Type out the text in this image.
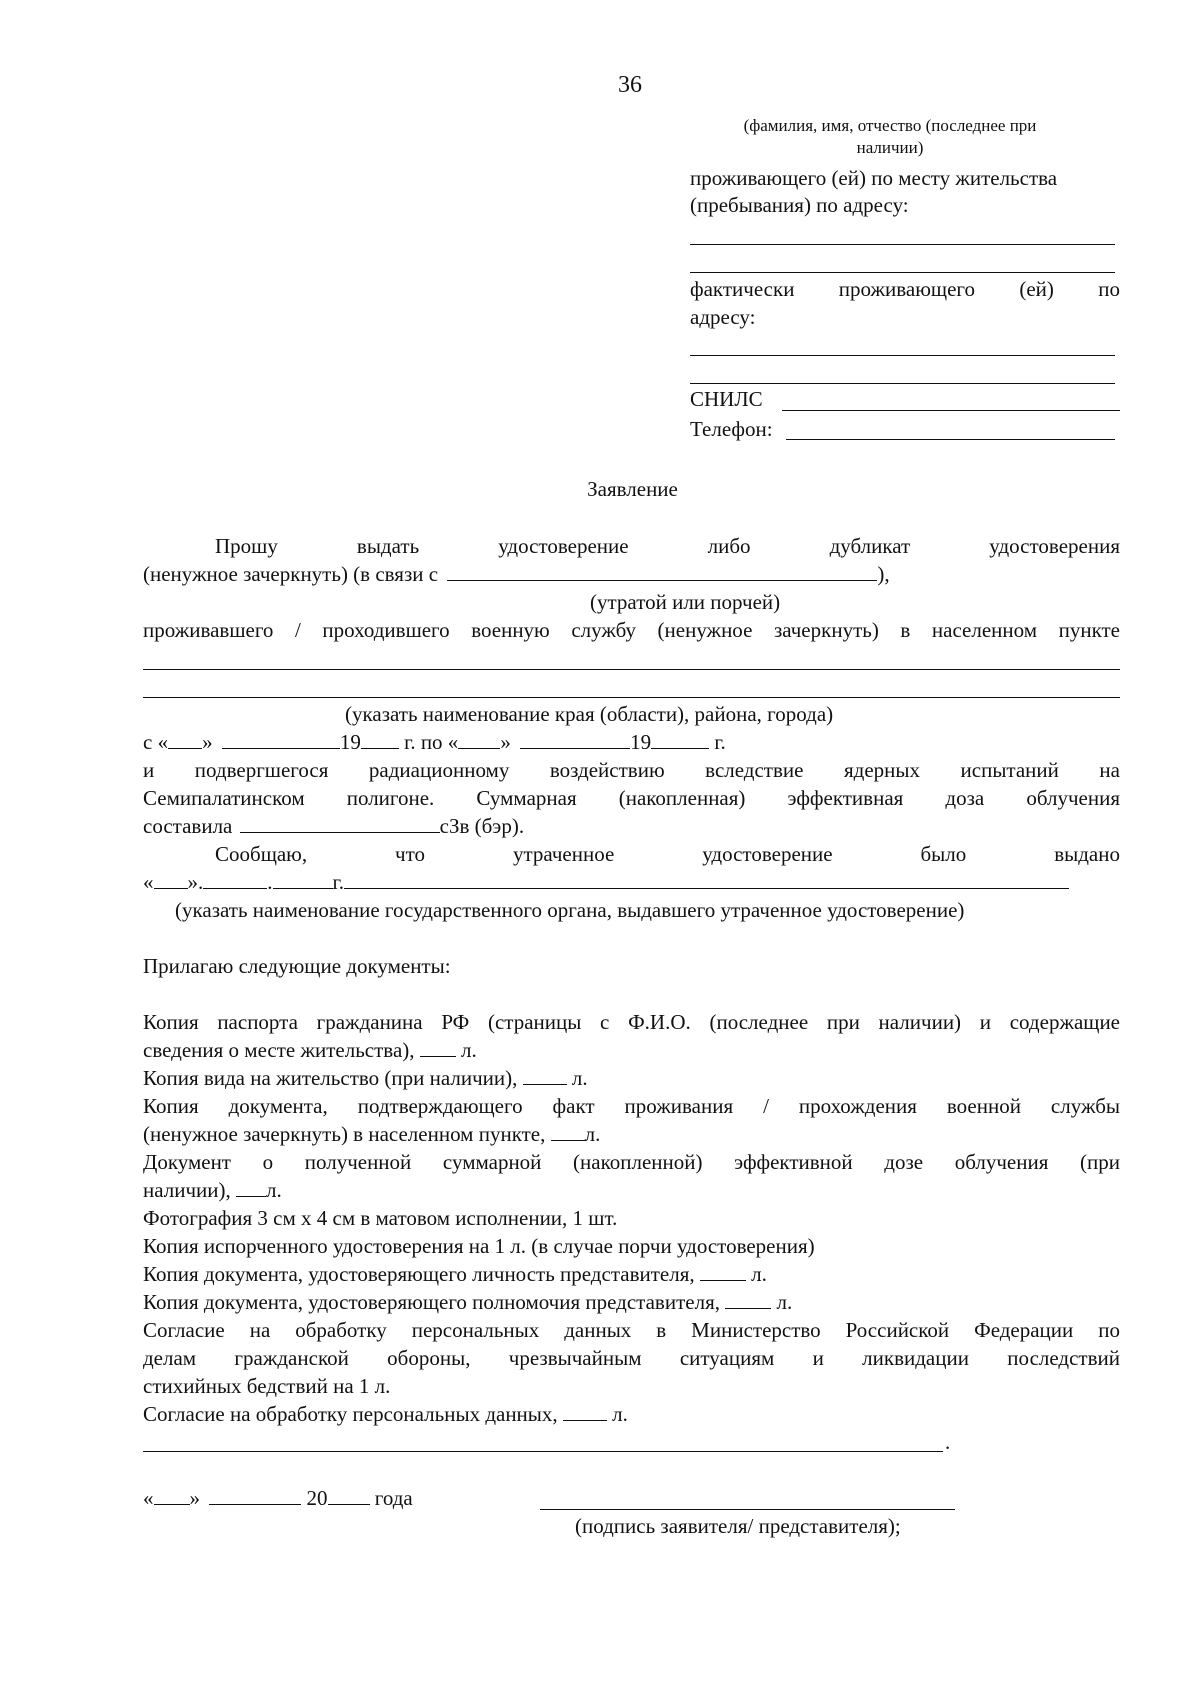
36
(фамилия, имя, отчество (последнее при
наличии)
проживающего (ей) по месту жительства
(пребывания) по адресу:
фактически проживающего (ей) по
адресу:
СНИЛС
Телефон:
Заявление
Прошу	выдать	удостоверение	либо	дубликат	удостоверения
(ненужное зачеркнуть) (в связи с	),
(утратой или порчей)
проживавшего / проходившего военную службу (ненужное зачеркнуть) в населенном пункте
(указать наименование края (области), района, города)
с « »	19 г. по « »	19	г.
и подвергшегося радиационному воздействию вследствие ядерных испытаний на
Семипалатинском полигоне. Суммарная (накопленная) эффективная доза облучения
составила	сЗв (бэр).
Сообщаю,	что	утраченное	удостоверение	было	выдано
« ».	.	г.
(указать наименование государственного органа, выдавшего утраченное удостоверение)
Прилагаю следующие документы:
Копия паспорта гражданина РФ (страницы с Ф.И.О. (последнее при наличии) и содержащие
сведения о месте жительства), л.
Копия вида на жительство (при наличии),	л.
Копия документа, подтверждающего факт проживания / прохождения военной службы
(ненужное зачеркнуть) в населенном пункте, л.
Документ о полученной суммарной (накопленной) эффективной дозе облучения (при
наличии), л.
Фотография 3 см х 4 см в матовом исполнении, 1 шт.
Копия испорченного удостоверения на 1 л. (в случае порчи удостоверения)
Копия документа, удостоверяющего личность представителя,	л.
Копия документа, удостоверяющего полномочия представителя,	л.
Согласие на обработку персональных данных в Министерство Российской Федерации по
делам гражданской обороны, чрезвычайным ситуациям и ликвидации последствий
стихийных бедствий на 1 л.
Согласие на обработку персональных данных,	л.
.
« »	20 года
(подпись заявителя/ представителя);
